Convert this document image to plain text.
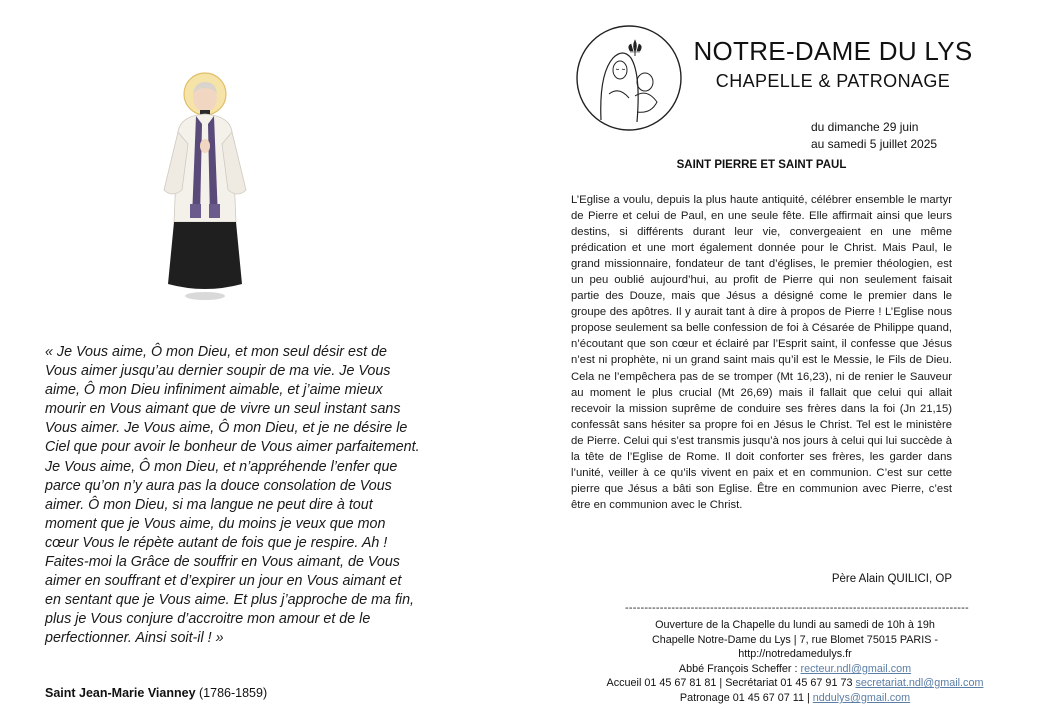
« Je Vous aime, Ô mon Dieu, et mon seul désir est de Vous aimer jusqu’au dernier soupir de ma vie. Je Vous aime, Ô mon Dieu infiniment aimable, et j’aime mieux mourir en Vous aimant que de vivre un seul instant sans Vous aimer. Je Vous aime, Ô mon Dieu, et je ne désire le Ciel que pour avoir le bonheur de Vous aimer parfaitement. Je Vous aime, Ô mon Dieu, et n’appréhende l’enfer que parce qu’on n’y aura pas la douce consolation de Vous aimer. Ô mon Dieu, si ma langue ne peut dire à tout moment que je Vous aime, du moins je veux que mon cœur Vous le répète autant de fois que je respire. Ah ! Faites-moi la Grâce de souffrir en Vous aimant, de Vous aimer en souffrant et d’expirer un jour en Vous aimant et en sentant que je Vous aime. Et plus j’approche de ma fin, plus je Vous conjure d’accroitre mon amour et de le perfectionner. Ainsi soit-il ! »
Saint Jean-Marie Vianney (1786-1859)
NOTRE-DAME DU LYS
CHAPELLE & PATRONAGE
du dimanche 29 juin
au samedi 5 juillet 2025
SAINT PIERRE ET SAINT PAUL
L’Eglise a voulu, depuis la plus haute antiquité, célébrer ensemble le martyr de Pierre et celui de Paul, en une seule fête. Elle affirmait ainsi que leurs destins, si différents durant leur vie, convergeaient en une même prédication et une mort également donnée pour le Christ. Mais Paul, le grand missionnaire, fondateur de tant d’églises, le premier théologien, est un peu oublié aujourd’hui, au profit de Pierre qui non seulement faisait partie des Douze, mais que Jésus a désigné come le premier dans le groupe des apôtres. Il y aurait tant à dire à propos de Pierre ! L’Eglise nous propose seulement sa belle confession de foi à Césarée de Philippe quand, n’écoutant que son cœur et éclairé par l’Esprit saint, il confesse que Jésus n’est ni prophète, ni un grand saint mais qu’il est le Messie, le Fils de Dieu. Cela ne l’empêchera pas de se tromper (Mt 16,23), ni de renier le Sauveur au moment le plus crucial (Mt 26,69) mais il fallait que celui qui allait recevoir la mission suprême de conduire ses frères dans la foi (Jn 21,15) confessât sans hésiter sa propre foi en Jésus le Christ. Tel est le ministère de Pierre. Celui qui s’est transmis jusqu’à nos jours à celui qui lui succède à la tête de l’Eglise de Rome. Il doit conforter ses frères, les garder dans l’unité, veiller à ce qu’ils vivent en paix et en communion. C’est sur cette pierre que Jésus a bâti son Eglise. Être en communion avec Pierre, c’est être en communion avec le Christ.
Père Alain QUILICI, OP
-----------------------------------------------------------------------------------------
Ouverture de la Chapelle du lundi au samedi de 10h à 19h
Chapelle Notre-Dame du Lys | 7, rue Blomet 75015 PARIS -
http://notredamedulys.fr
Abbé François Scheffer : recteur.ndl@gmail.com
Accueil 01 45 67 81 81 | Secrétariat 01 45 67 91 73 secretariat.ndl@gmail.com
Patronage 01 45 67 07 11 | nddulys@gmail.com
